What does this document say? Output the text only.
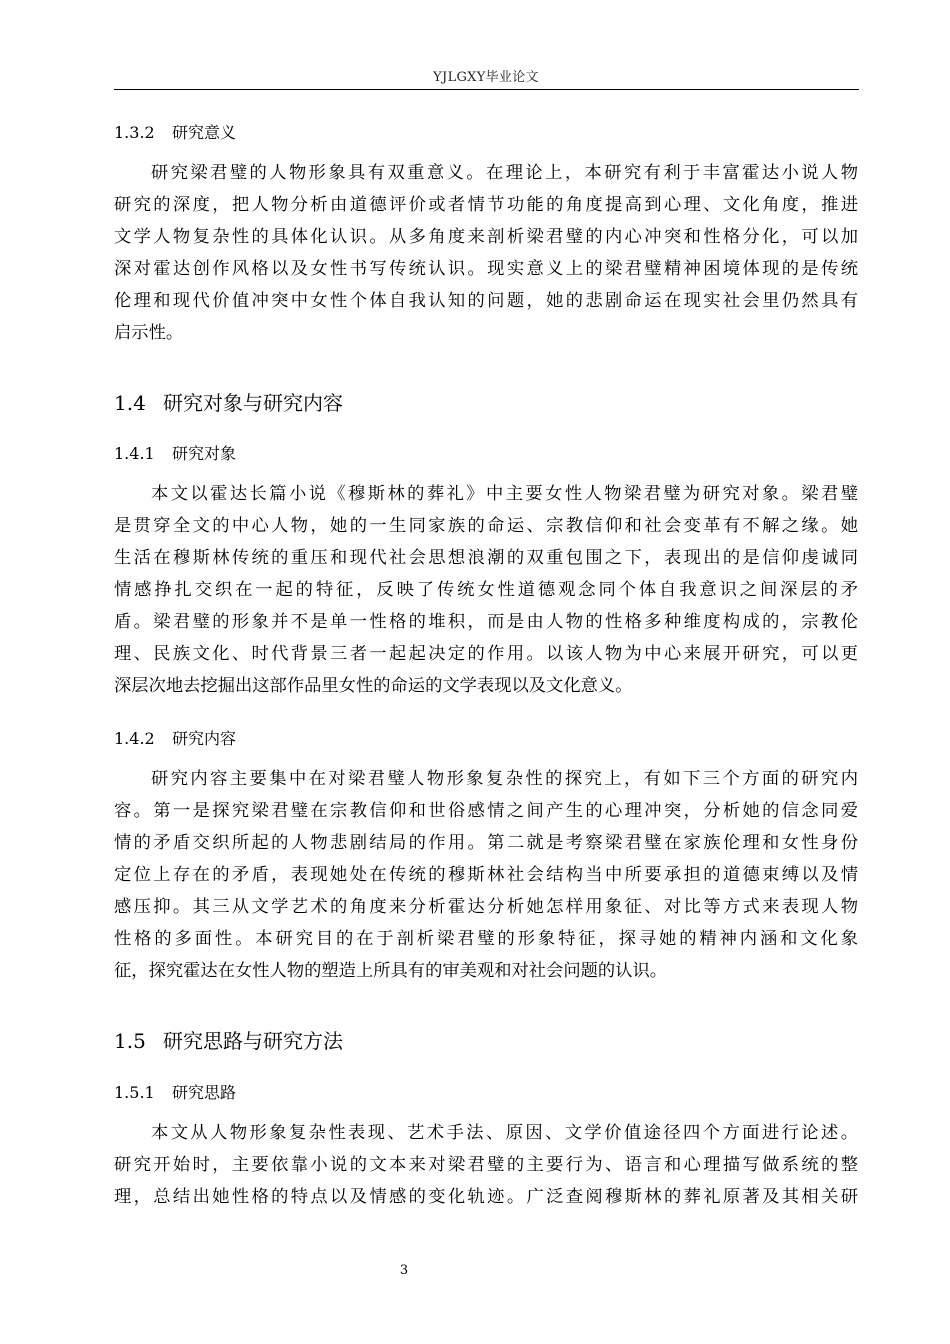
YJLGXY毕业论文
1.3.2 研究意义
研究梁君璧的人物形象具有双重意义。在理论上，本研究有利于丰富霍达小说人物
研究的深度，把人物分析由道德评价或者情节功能的角度提高到心理、文化角度，推进
文学人物复杂性的具体化认识。从多角度来剖析梁君璧的内心冲突和性格分化，可以加
深对霍达创作风格以及女性书写传统认识。现实意义上的梁君璧精神困境体现的是传统
伦理和现代价值冲突中女性个体自我认知的问题，她的悲剧命运在现实社会里仍然具有
启示性。
1.4 研究对象与研究内容
1.4.1 研究对象
本文以霍达长篇小说《穆斯林的葬礼》中主要女性人物梁君璧为研究对象。梁君璧
是贯穿全文的中心人物，她的一生同家族的命运、宗教信仰和社会变革有不解之缘。她
生活在穆斯林传统的重压和现代社会思想浪潮的双重包围之下，表现出的是信仰虔诚同
情感挣扎交织在一起的特征，反映了传统女性道德观念同个体自我意识之间深层的矛
盾。梁君璧的形象并不是单一性格的堆积，而是由人物的性格多种维度构成的，宗教伦
理、民族文化、时代背景三者一起起决定的作用。以该人物为中心来展开研究，可以更
深层次地去挖掘出这部作品里女性的命运的文学表现以及文化意义。
1.4.2 研究内容
研究内容主要集中在对梁君璧人物形象复杂性的探究上，有如下三个方面的研究内
容。第一是探究梁君璧在宗教信仰和世俗感情之间产生的心理冲突，分析她的信念同爱
情的矛盾交织所起的人物悲剧结局的作用。第二就是考察梁君璧在家族伦理和女性身份
定位上存在的矛盾，表现她处在传统的穆斯林社会结构当中所要承担的道德束缚以及情
感压抑。其三从文学艺术的角度来分析霍达分析她怎样用象征、对比等方式来表现人物
性格的多面性。本研究目的在于剖析梁君璧的形象特征，探寻她的精神内涵和文化象
征，探究霍达在女性人物的塑造上所具有的审美观和对社会问题的认识。
1.5 研究思路与研究方法
1.5.1 研究思路
本文从人物形象复杂性表现、艺术手法、原因、文学价值途径四个方面进行论述。
研究开始时，主要依靠小说的文本来对梁君璧的主要行为、语言和心理描写做系统的整
理，总结出她性格的特点以及情感的变化轨迹。广泛查阅穆斯林的葬礼原著及其相关研
3
